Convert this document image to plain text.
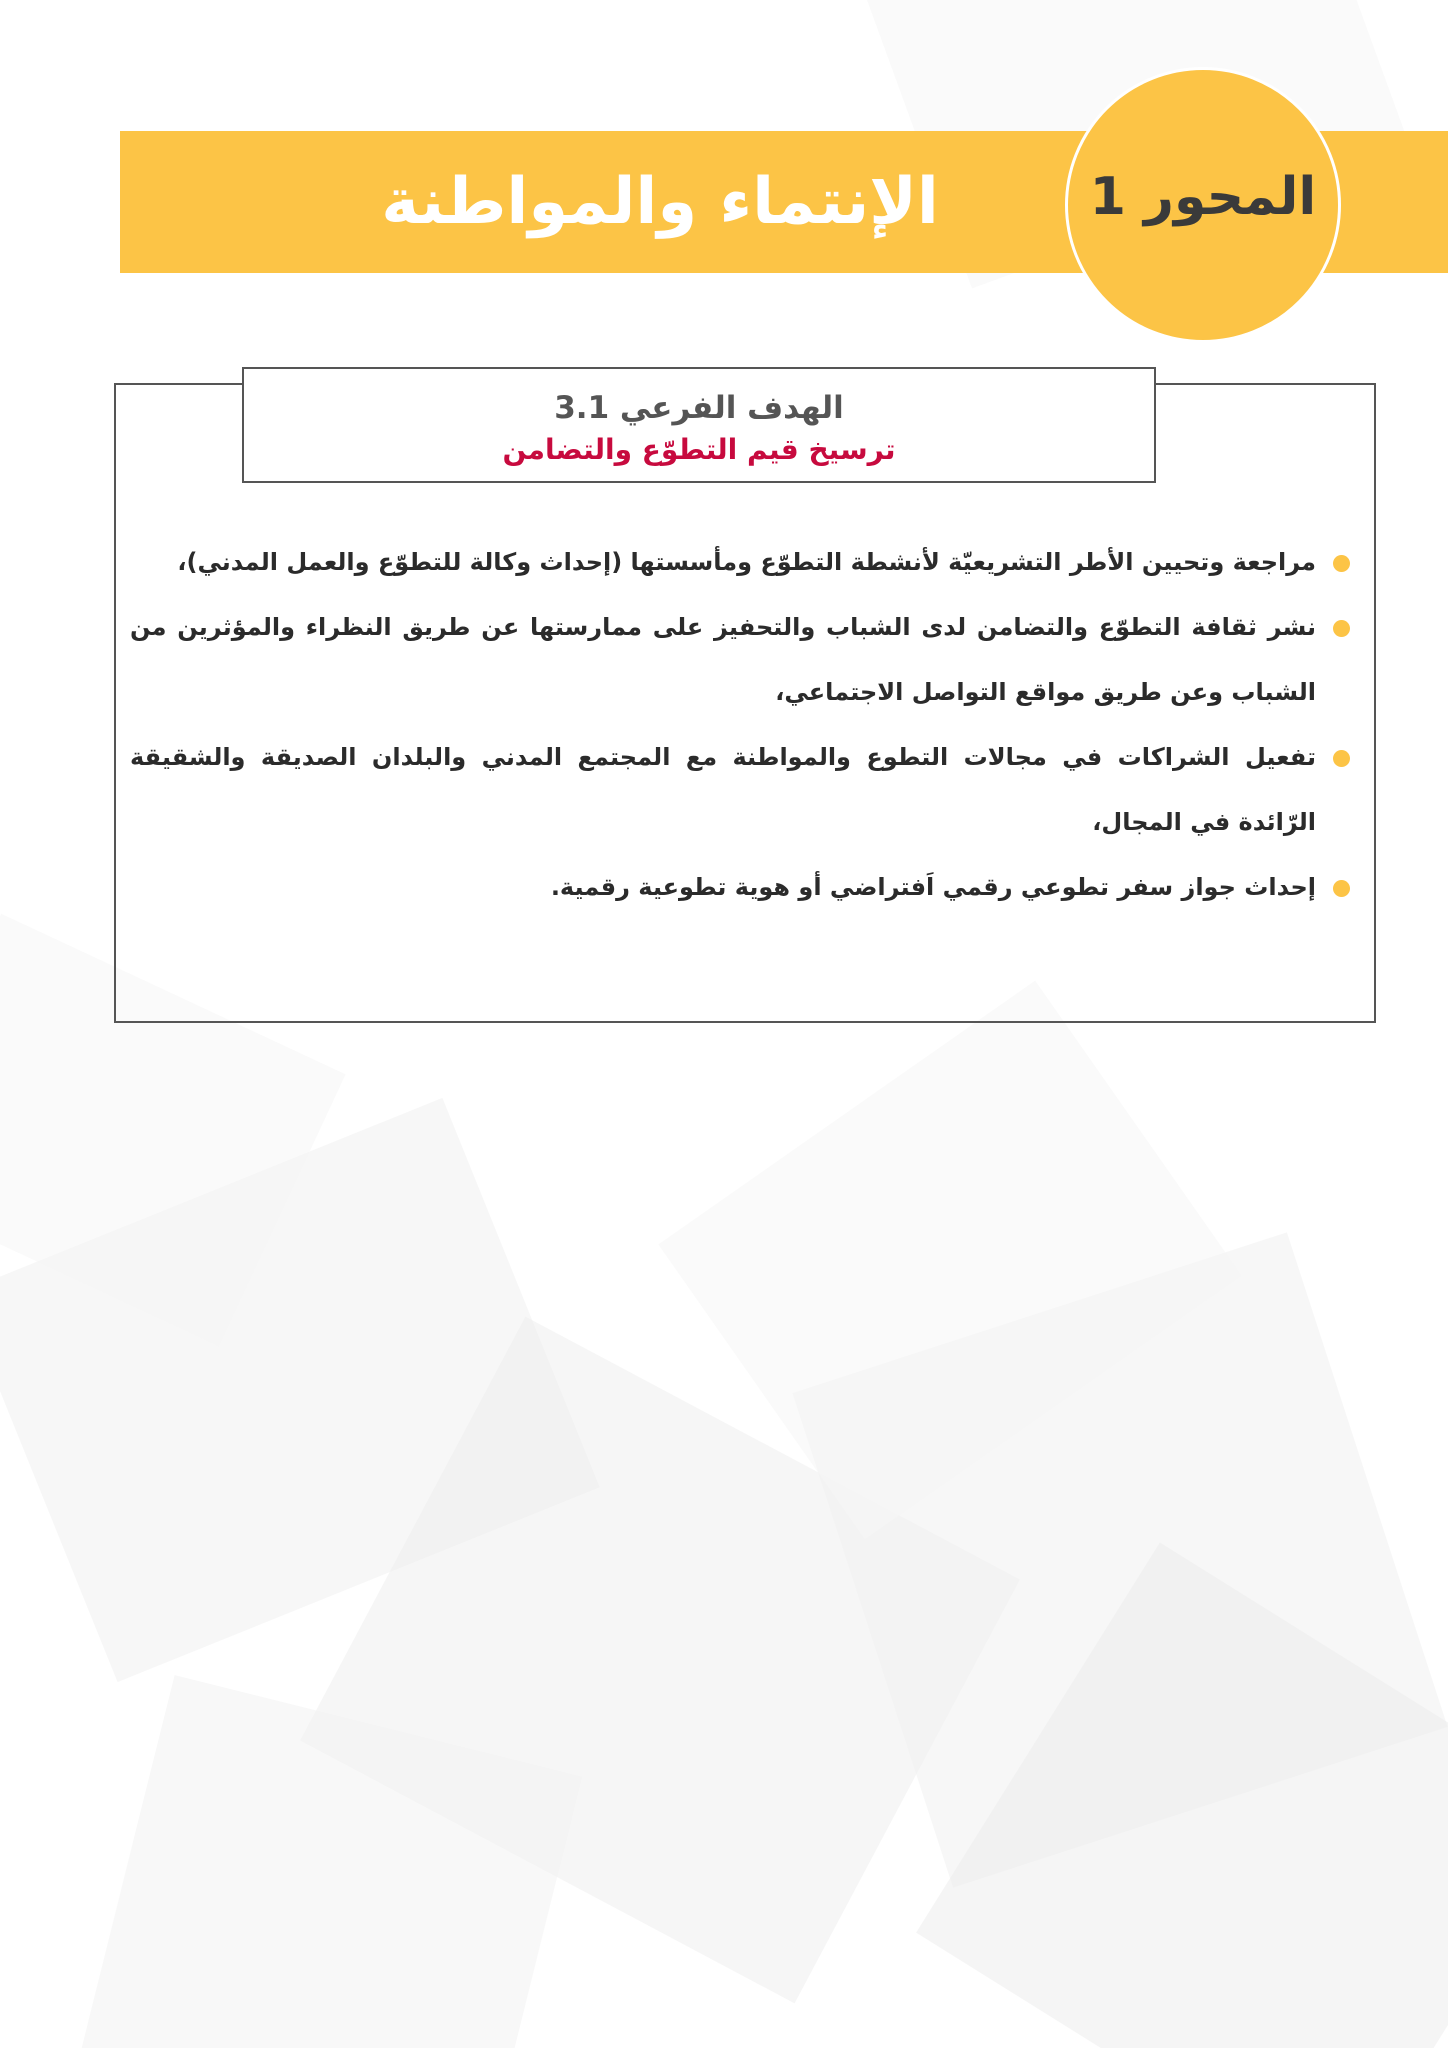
الإنتماء والمواطنة	المحور 1
الهدف الفرعي 3.1
ترسيخ قيم التطوّع والتضامن
مراجعة وتحيين الأطر التشريعيّة لأنشطة التطوّع ومأسستها (إحداث وكالة للتطوّع والعمل المدني)،
نشر ثقافة التطوّع والتضامن لدى الشباب والتحفيز على ممارستها عن طريق النظراء والمؤثرين من الشباب وعن طريق مواقع التواصل الاجتماعي،
تفعيل الشراكات في مجالات التطوع والمواطنة مع المجتمع المدني والبلدان الصديقة والشقيقة الرّائدة في المجال،
إحداث جواز سفر تطوعي رقمي اَفتراضي أو هوية تطوعية رقمية.
